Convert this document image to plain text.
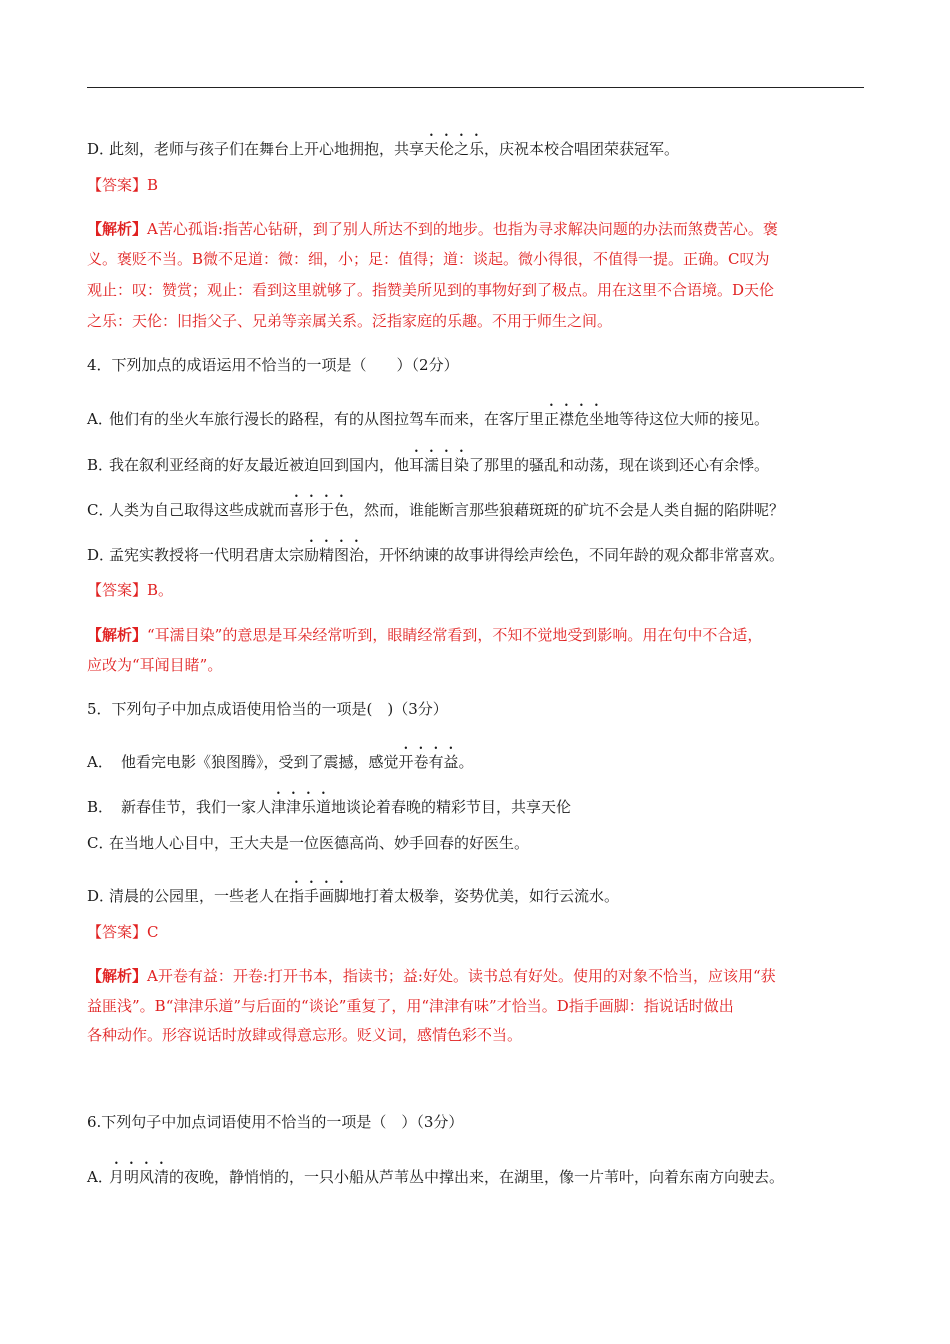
D．此刻，老师与孩子们在舞台上开心地拥抱，共享天伦之乐，庆祝本校合唱团荣获冠军。
【答案】B
【解析】A苦心孤诣:指苦心钻研，到了别人所达不到的地步。也指为寻求解决问题的办法而煞费苦心。褒
义。褒贬不当。B微不足道：微：细，小；足：值得；道：谈起。微小得很，不值得一提。正确。C叹为
观止：叹：赞赏；观止：看到这里就够了。指赞美所见到的事物好到了极点。用在这里不合语境。D天伦
之乐：天伦：旧指父子、兄弟等亲属关系。泛指家庭的乐趣。不用于师生之间。
4．下列加点的成语运用不恰当的一项是（　　）（2分）
A．他们有的坐火车旅行漫长的路程，有的从图拉驾车而来，在客厅里正襟危坐地等待这位大师的接见。
B．我在叙利亚经商的好友最近被迫回到国内，他耳濡目染了那里的骚乱和动荡，现在谈到还心有余悸。
C．人类为自己取得这些成就而喜形于色，然而，谁能断言那些狼藉斑斑的矿坑不会是人类自掘的陷阱呢？
D．孟宪实教授将一代明君唐太宗励精图治，开怀纳谏的故事讲得绘声绘色，不同年龄的观众都非常喜欢。
【答案】B。
【解析】“耳濡目染”的意思是耳朵经常听到，眼睛经常看到，不知不觉地受到影响。用在句中不合适，
应改为“耳闻目睹”。
5．下列句子中加点成语使用恰当的一项是(　)（3分）
A． 他看完电影《狼图腾》，受到了震撼，感觉开卷有益。
B． 新春佳节，我们一家人津津乐道地谈论着春晚的精彩节目，共享天伦
C．在当地人心目中，王大夫是一位医德高尚、妙手回春的好医生。
D．清晨的公园里，一些老人在指手画脚地打着太极拳，姿势优美，如行云流水。
【答案】C
【解析】A开卷有益：开卷:打开书本，指读书；益:好处。读书总有好处。使用的对象不恰当，应该用“获
益匪浅”。B“津津乐道”与后面的“谈论”重复了，用“津津有味”才恰当。D指手画脚：指说话时做出
各种动作。形容说话时放肆或得意忘形。贬义词，感情色彩不当。
6.下列句子中加点词语使用不恰当的一项是（　）（3分）
A．月明风清的夜晚，静悄悄的，一只小船从芦苇丛中撑出来，在湖里，像一片苇叶，向着东南方向驶去。
